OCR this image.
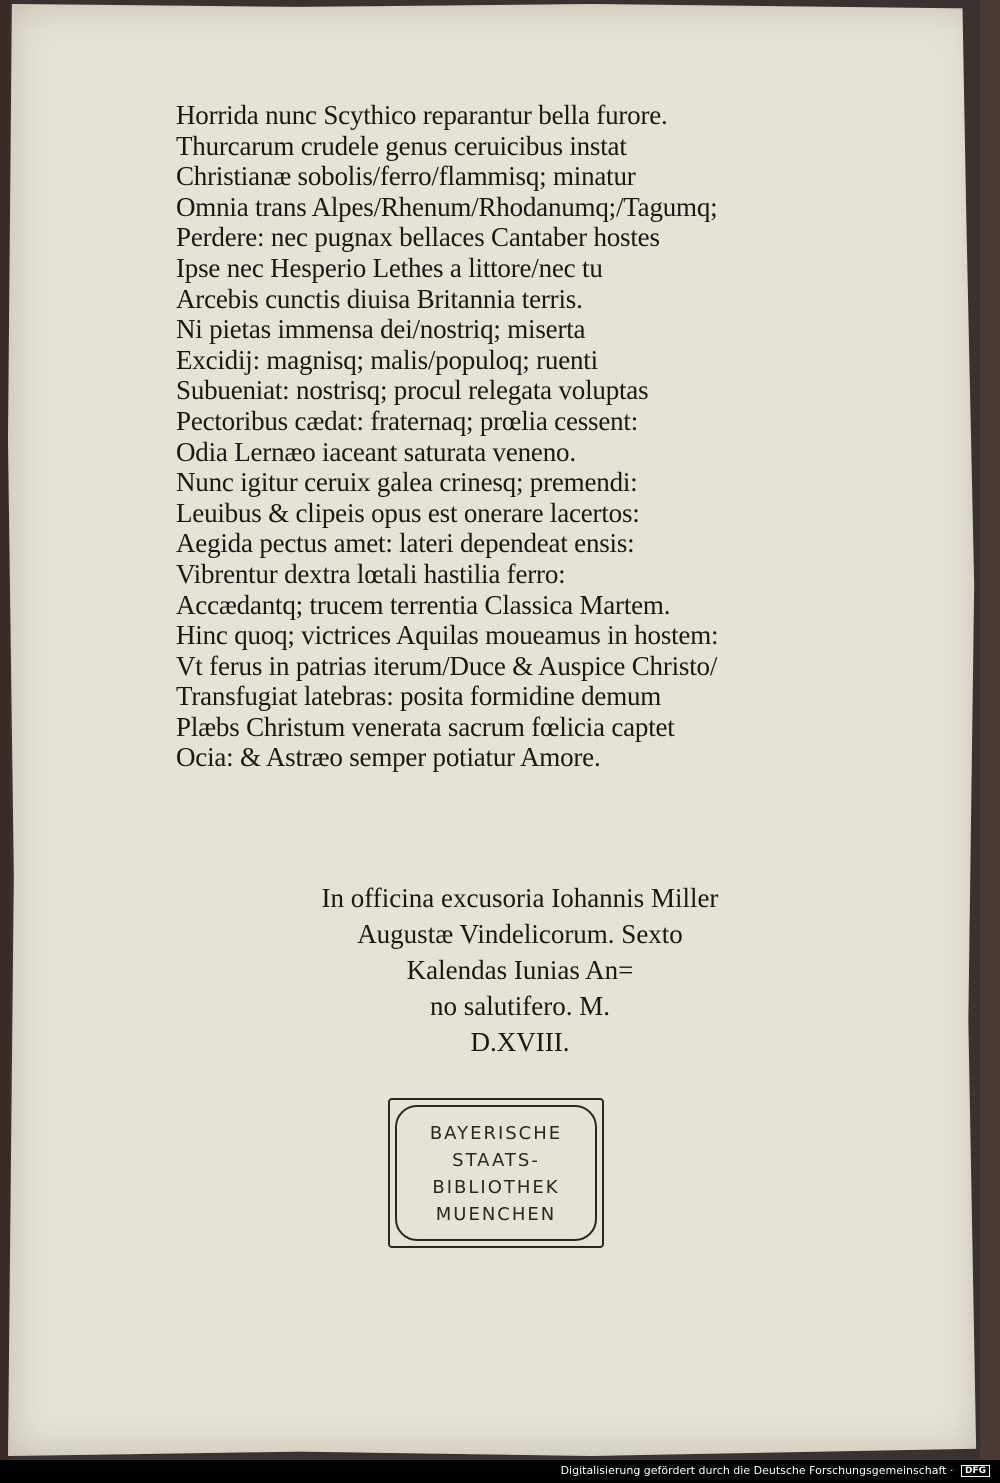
Horrida nunc Scythico reparantur bella furore.
Thurcarum crudele genus ceruicibus instat
Christianæ sobolis/ferro/flammisq; minatur
Omnia trans Alpes/Rhenum/Rhodanumq;/Tagumq;
Perdere: nec pugnax bellaces Cantaber hostes
Ipse nec Hesperio Lethes a littore/nec tu
Arcebis cunctis diuisa Britannia terris.
Ni pietas immensa dei/nostriq; miserta
Excidij: magnisq; malis/populoq; ruenti
Subueniat: nostrisq; procul relegata voluptas
Pectoribus cædat: fraternaq; prœlia cessent:
Odia Lernæo iaceant saturata veneno.
Nunc igitur ceruix galea crinesq; premendi:
Leuibus & clipeis opus est onerare lacertos:
Aegida pectus amet: lateri dependeat ensis:
Vibrentur dextra lœtali hastilia ferro:
Accædantq; trucem terrentia Classica Martem.
Hinc quoq; victrices Aquilas moueamus in hostem:
Vt ferus in patrias iterum/Duce & Auspice Christo/
Transfugiat latebras: posita formidine demum
Plæbs Christum venerata sacrum fœlicia captet
Ocia: & Astræo semper potiatur Amore.
In officina excusoria Iohannis Miller
Augustæ Vindelicorum. Sexto
Kalendas Iunias An=
no salutifero. M.
D.XVIII.
BAYERISCHE
STAATS-
BIBLIOTHEK
MUENCHEN
Digitalisierung gefördert durch die Deutsche Forschungsgemeinschaft · DFG
